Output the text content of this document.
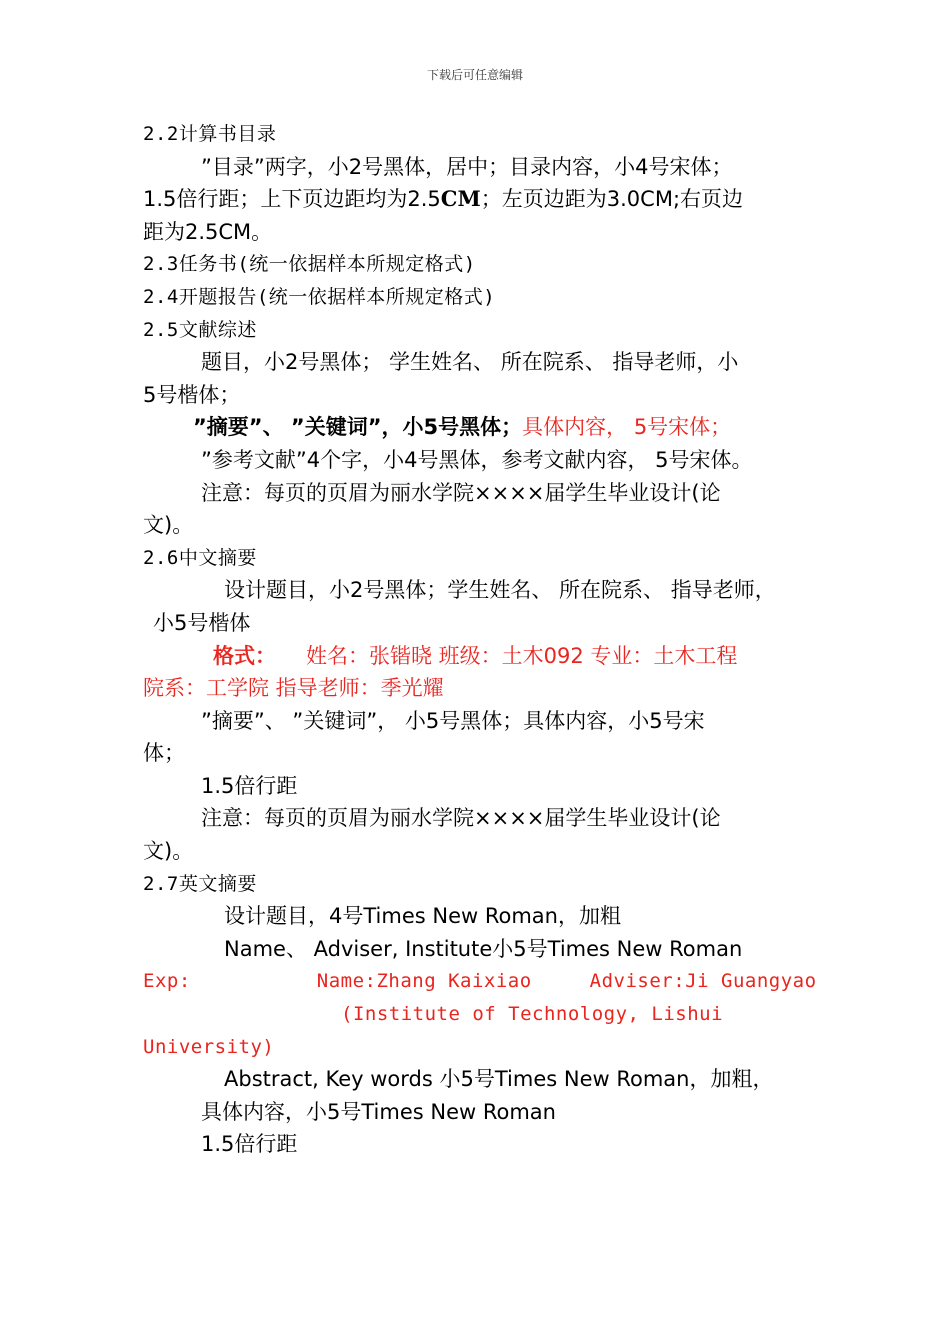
下载后可任意编辑
2.2计算书目录
”目录”两字，小2号黑体，居中；目录内容，小4号宋体；
1.5倍行距；上下页边距均为2.5CM；左页边距为3.0CM;右页边
距为2.5CM。
2.3任务书(统一依据样本所规定格式)
2.4开题报告(统一依据样本所规定格式)
2.5文献综述
题目，小2号黑体； 学生姓名、 所在院系、 指导老师，小
5号楷体；
”摘要”、 ”关键词”，小5号黑体；具体内容， 5号宋体；
”参考文献”4个字，小4号黑体，参考文献内容， 5号宋体。
注意：每页的页眉为丽水学院××××届学生毕业设计(论
文)。
2.6中文摘要
设计题目，小2号黑体；学生姓名、 所在院系、 指导老师，
小5号楷体
格式： 姓名：张锴晓 班级：土木092 专业：土木工程
院系：工学院 指导老师：季光耀
”摘要”、 ”关键词”， 小5号黑体；具体内容，小5号宋
体；
1.5倍行距
注意：每页的页眉为丽水学院××××届学生毕业设计(论
文)。
2.7英文摘要
设计题目，4号Times New Roman，加粗
Name、 Adviser, Institute小5号Times New Roman
Exp:	Name:Zhang Kaixiao	Adviser:Ji Guangyao
(Institute of Technology, Lishui
University)
Abstract, Key words 小5号Times New Roman，加粗，
具体内容，小5号Times New Roman
1.5倍行距
